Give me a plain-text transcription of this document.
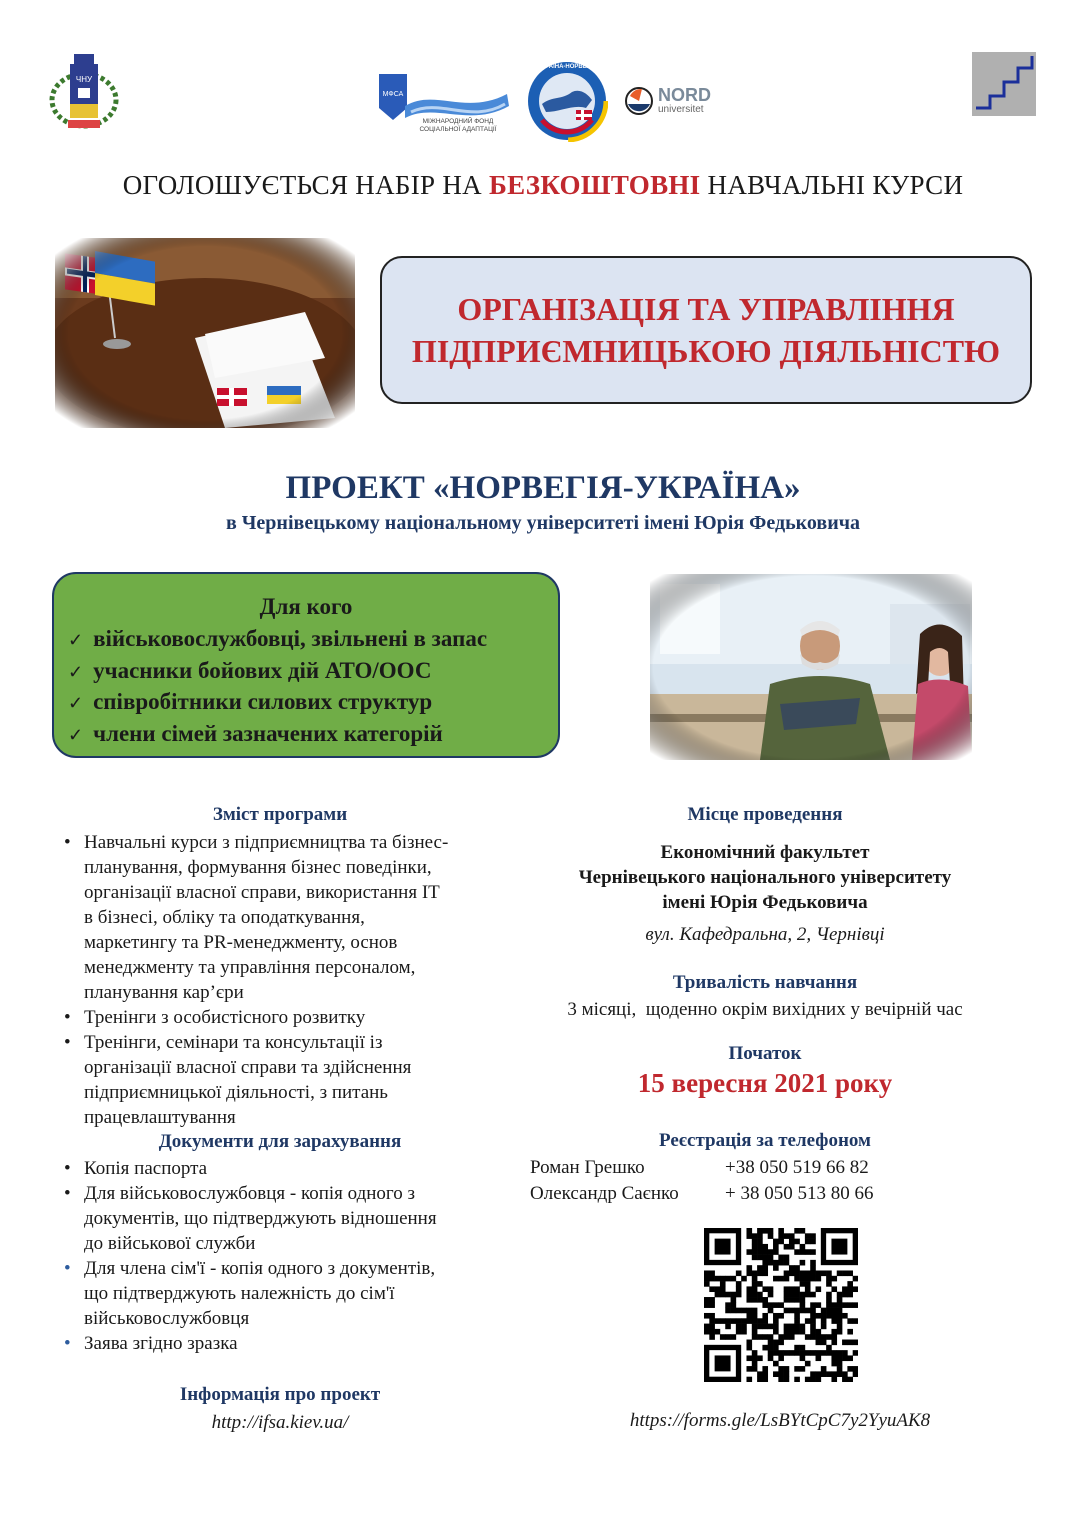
ЧНУ
МФСА
МІЖНАРОДНИЙ ФОНД СОЦІАЛЬНОЇ АДАПТАЦІЇ
УКРАЇНА-НОРВЕГІЯ
NORD
universitet
ОГОЛОШУЄТЬСЯ НАБІР НА БЕЗКОШТОВНІ НАВЧАЛЬНІ КУРСИ
ОРГАНІЗАЦІЯ ТА УПРАВЛІННЯ
ПІДПРИЄМНИЦЬКОЮ ДІЯЛЬНІСТЮ
ПРОЕКТ «НОРВЕГІЯ-УКРАЇНА»
в Чернівецькому національному університеті імені Юрія Федьковича
Для кого
✓ військовослужбовці, звільнені в запас
✓ учасники бойових дій АТО/ООС
✓ співробітники силових структур
✓ члени сімей зазначених категорій
Зміст програми
• Навчальні курси з підприємництва та бізнес-
планування, формування бізнес поведінки,
організації власної справи, використання IT
в бізнесі, обліку та оподаткування,
маркетингу та PR-менеджменту, основ
менеджменту та управління персоналом,
планування кар’єри
• Тренінги з особистісного розвитку
• Тренінги, семінари та консультації із
організації власної справи та здійснення
підприємницької діяльності, з питань
працевлаштування
Документи для зарахування
• Копія паспорта
• Для військовослужбовця - копія одного з
документів, що підтверджують відношення
до військової служби
• Для члена сім'ї - копія одного з документів,
що підтверджують належність до сім'ї
військовослужбовця
• Заява згідно зразка
Інформація про проект
http://ifsa.kiev.ua/
Місце проведення
Економічний факультет
Чернівецького національного університету
імені Юрія Федьковича
вул. Кафедральна, 2, Чернівці
Тривалість навчання
3 місяці,  щоденно окрім вихідних у вечірній час
Початок
15 вересня 2021 року
Реєстрація за телефоном
Роман Грешко	+38 050 519 66 82
Олександр Саєнко	+ 38 050 513 80 66
https://forms.gle/LsBYtCpC7y2YyuAK8
